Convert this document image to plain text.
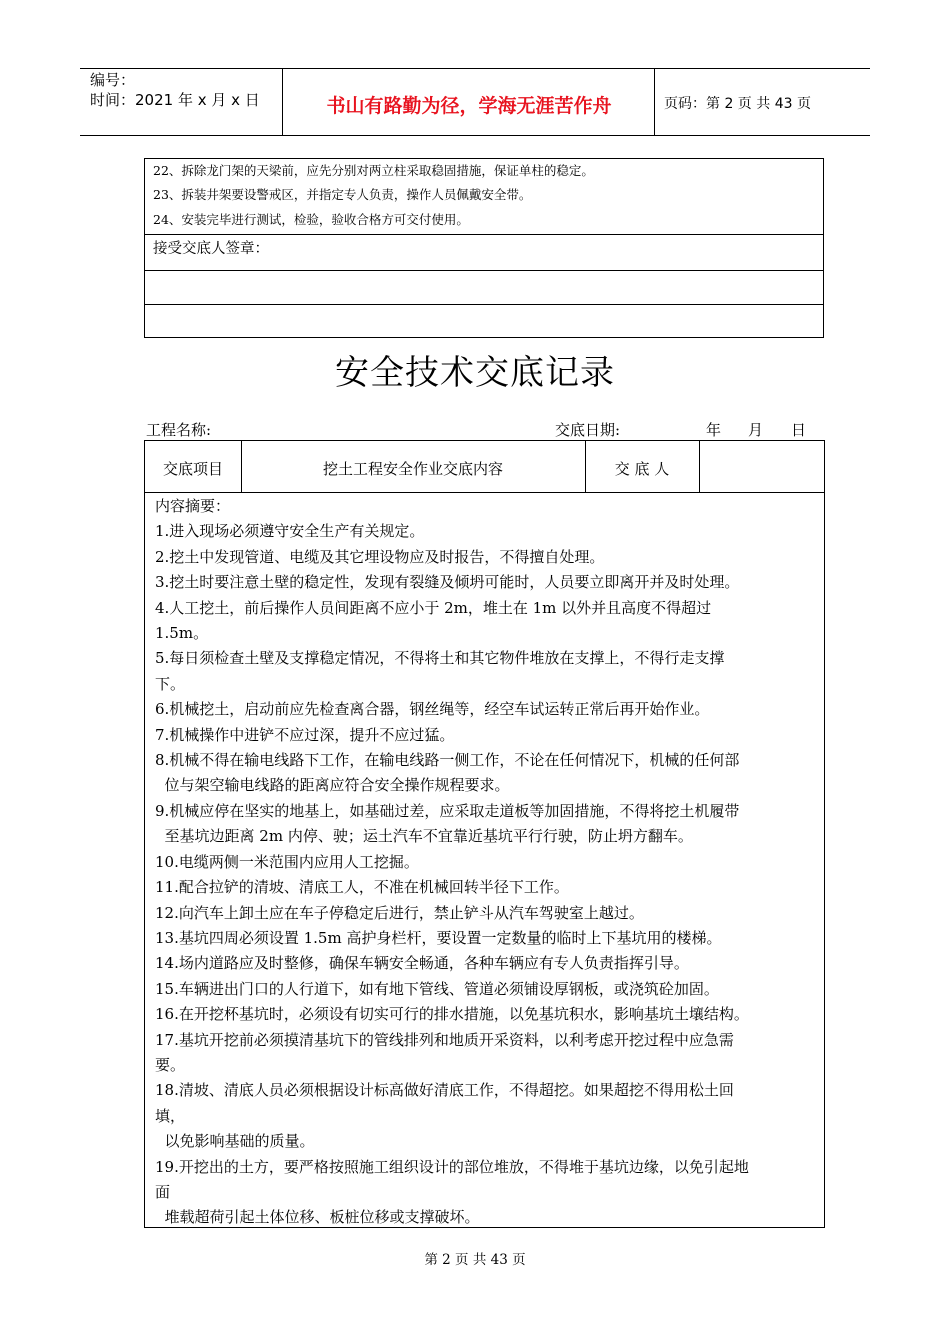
编号：
时间：2021 年 x 月 x 日	书山有路勤为径，学海无涯苦作舟	页码：第 2 页 共 43 页
22、拆除龙门架的天梁前，应先分别对两立柱采取稳固措施，保证单柱的稳定。
23、拆装井架要设警戒区，并指定专人负责，操作人员佩戴安全带。
24、安装完毕进行测试，检验，验收合格方可交付使用。
接受交底人签章：
安全技术交底记录
工程名称:	交底日期:	年 月 日
交底项目	挖土工程安全作业交底内容	交 底 人
内容摘要：
1.进入现场必须遵守安全生产有关规定。
2.挖土中发现管道、电缆及其它埋设物应及时报告，不得擅自处理。
3.挖土时要注意土壁的稳定性，发现有裂缝及倾坍可能时，人员要立即离开并及时处理。
4.人工挖土，前后操作人员间距离不应小于 2m，堆土在 1m 以外并且高度不得超过
1.5m。
5.每日须检查土壁及支撑稳定情况，不得将土和其它物件堆放在支撑上，不得行走支撑
下。
6.机械挖土，启动前应先检查离合器，钢丝绳等，经空车试运转正常后再开始作业。
7.机械操作中进铲不应过深，提升不应过猛。
8.机械不得在输电线路下工作，在输电线路一侧工作，不论在任何情况下，机械的任何部
位与架空输电线路的距离应符合安全操作规程要求。
9.机械应停在坚实的地基上，如基础过差，应采取走道板等加固措施，不得将挖土机履带
至基坑边距离 2m 内停、驶；运土汽车不宜靠近基坑平行行驶，防止坍方翻车。
10.电缆两侧一米范围内应用人工挖掘。
11.配合拉铲的清坡、清底工人，不准在机械回转半径下工作。
12.向汽车上卸土应在车子停稳定后进行，禁止铲斗从汽车驾驶室上越过。
13.基坑四周必须设置 1.5m 高护身栏杆，要设置一定数量的临时上下基坑用的楼梯。
14.场内道路应及时整修，确保车辆安全畅通，各种车辆应有专人负责指挥引导。
15.车辆进出门口的人行道下，如有地下管线、管道必须铺设厚钢板，或浇筑砼加固。
16.在开挖杯基坑时，必须设有切实可行的排水措施，以免基坑积水，影响基坑土壤结构。
17.基坑开挖前必须摸清基坑下的管线排列和地质开采资料，以利考虑开挖过程中应急需
要。
18.清坡、清底人员必须根据设计标高做好清底工作，不得超挖。如果超挖不得用松土回
填，
以免影响基础的质量。
19.开挖出的土方，要严格按照施工组织设计的部位堆放，不得堆于基坑边缘，以免引起地
面
堆载超荷引起土体位移、板桩位移或支撑破坏。
第 2 页 共 43 页
